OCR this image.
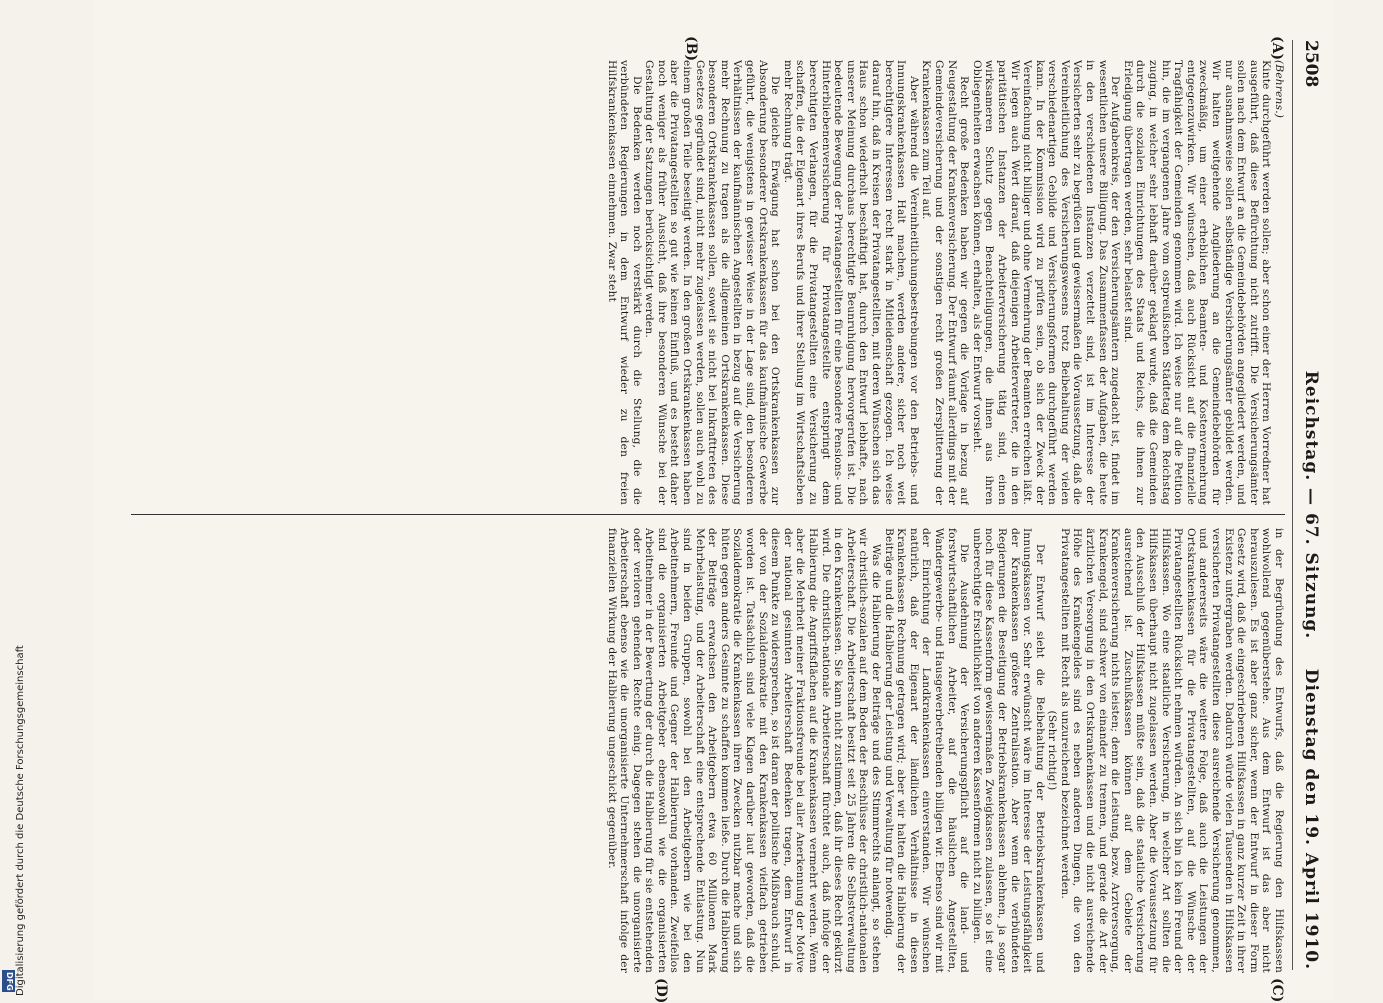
Digitalisierung gefördert durch die Deutsche Forschungsgemeinschaft
DFG
2508
Reichstag. — 67. Sitzung.
Dienstag den 19. April 1910.
(A)
(B)
(C)
(D)

(Behrens.)

Kinte durchgeführt werden sollen; aber schon einer der Herren Vorredner hat ausgeführt, daß diese Befürchtung nicht zutrifft. Die Versicherungsämter sollen nach dem Entwurf an die Gemeindebehörden angegliedert werden, und nur ausnahmsweise sollen selbständige Versicherungsämter gebildet werden. Wir halten weitgehende Angliederung an die Gemeindebehörden für zweckmäßig, um einer erheblichen Beamten- und Kostenvermehrung entgegenzuwirken. Wir wünschen, daß auch Rücksicht auf die finanzielle Tragfähigkeit der Gemeinden genommen wird. Ich weise nur auf die Petition hin, die im vergangenen Jahre vom ostpreußischen Städtetag dem Reichstag zuging, in welcher sehr lebhaft darüber geklagt wurde, daß die Gemeinden durch die sozialen Einrichtungen des Staats und Reichs, die ihnen zur Erledigung übertragen werden, sehr belastet sind.

Der Aufgabenkreis, der den Versicherungsämtern zugedacht ist, findet im wesentlichen unsere Billigung. Das Zusammenfassen der Aufgaben, die heute in den verschiedenen Instanzen verzettelt sind, ist im Interesse der Versicherten sehr zu begrüßen und gewissermaßen die Voraussetzung, daß die Vereinheitlichung des Versicherungswesens trotz Beibehaltung der vielen verschiedenartigen Gebilde und Versicherungsformen durchgeführt werden kann. In der Kommission wird zu prüfen sein, ob sich der Zweck der Vereinfachung nicht billiger und ohne Vermehrung der Beamten erreichen läßt. Wir legen auch Wert darauf, daß diejenigen Arbeitervertreter, die in den paritätischen Instanzen der Arbeiterversicherung tätig sind, einen wirksameren Schutz gegen Benachteiligungen, die ihnen aus ihren Obliegenheiten erwachsen können, erhalten, als der Entwurf vorsieht.

Recht große Bedenken haben wir gegen die Vorlage in bezug auf Neugestaltung der Krankenversicherung. Der Entwurf räumt allerdings mit der Gemeindeversicherung und der sonstigen recht großen Zersplitterung der Krankenkassen zum Teil auf.

Aber während die Vereinheitlichungsbestrebungen vor den Betriebs- und Innungskrankenkassen Halt machen, werden andere, sicher noch weit berechtigtere Interessen recht stark in Mitleidenschaft gezogen. Ich weise darauf hin, daß in Kreisen der Privatangestellten, mit deren Wünschen sich das Haus schon wiederholt beschäftigt hat, durch den Entwurf lebhafte, nach unserer Meinung durchaus berechtigte Beunruhigung hervorgerufen ist. Die bedeutende Bewegung der Privatangestellten für eine besondere Pensions- und Hinterbliebenenversicherung für Privatangestellte entspringt dem berechtigten Verlangen, für die Privatangestellten eine Versicherung zu schaffen, die der Eigenart ihres Berufs und ihrer Stellung im Wirtschaftsleben mehr Rechnung trägt.

Die gleiche Erwägung hat schon bei den Ortskrankenkassen zur Absonderung besonderer Ortskrankenkassen für das kaufmännische Gewerbe geführt, die wenigstens in gewisser Weise in der Lage sind, den besonderen Verhältnissen der kaufmännischen Angestellten in bezug auf die Versicherung mehr Rechnung zu tragen als die allgemeinen Ortskrankenkassen. Diese besonderen Ortskrankenkassen sollen, soweit sie nicht bei Inkrafttreten des Gesetzes gegründet sind, nicht mehr zugelassen werden, sollen auch wohl zu einem großen Teile beseitigt werden. In den großen Ortskrankenkassen haben aber die Privatangestellten so gut wie keinen Einfluß, und es besteht daher noch weniger als früher Aussicht, daß ihre besonderen Wünsche bei der Gestaltung der Satzungen berücksichtigt werden.

Die Bedenken werden noch verstärkt durch die Stellung, die die verbündeten Regierungen in dem Entwurf wieder zu den freien Hilfskrankenkassen einnehmen. Zwar steht

in der Begründung des Entwurfs, daß die Regierung den Hilfskassen wohlwollend gegenüberstehe. Aus dem Entwurf ist das aber nicht herauszulesen. Es ist aber ganz sicher, wenn der Entwurf in dieser Form Gesetz wird, daß die eingeschriebenen Hilfskassen in ganz kurzer Zeit in ihrer Existenz untergraben werden. Dadurch würde vielen Tausenden in Hilfskassen versicherten Privatangestellten diese ausreichende Versicherung genommen, und andererseits wäre die weitere Folge, daß auch die Leistungen der Ortskrankenkassen für die Privatangestellten, auf die Wünsche der Privatangestellten Rücksicht nehmen würden. An sich bin ich kein Freund der Hilfskassen. Wo eine staatliche Versicherung, in welcher Art sollten die Hilfskassen überhaupt nicht zugelassen werden. Aber die Voraussetzung für den Ausschluß der Hilfskassen müßte sein, daß die staatliche Versicherung ausreichend ist. Zuschußkassen können auf dem Gebiete der Krankenversicherung nichts leisten; denn die Leistung, bezw. Arztversorgung, Krankengeld, sind schwer von einander zu trennen, und gerade die Art der ärztlichen Versorgung in den Ortskrankenkassen und die nicht ausreichende Höhe des Krankengeldes sind es neben anderen Dingen, die von den Privatangestellten mit Recht als unzureichend bezeichnet werden.

(Sehr richtig!)

Der Entwurf sieht die Beibehaltung der Betriebskrankenkassen und Innungskassen vor. Sehr erwünscht wäre im Interesse der Leistungsfähigkeit der Krankenkassen größere Zentralisation. Aber wenn die verbündeten Regierungen die Beseitigung der Betriebskrankenkassen ablehnen, ja sogar noch für diese Kassenform gewissermaßen Zweigkassen zulassen, so ist eine unberechtigte Ersichtlichkeit von anderen Kassenformen nicht zu billigen.

Die Ausdehnung der Versicherungspflicht auf die land- und forstwirtschaftlichen Arbeiter, auf die häuslichen Angestellten, Wandergewerbe- und Hausgewerbetreibenden billigen wir. Ebenso sind wir mit der Einrichtung der Landkrankenkassen einverstanden. Wir wünschen natürlich, daß der Eigenart der ländlichen Verhältnisse in diesen Krankenkassen Rechnung getragen wird; aber wir halten die Halbierung der Beiträge und die Halbierung der Leistung und Verwaltung für notwendig.

Was die Halbierung der Beiträge und des Stimmrechts anlangt, so stehen wir christlich-sozialen auf dem Boden der Beschlüsse der christlich-nationalen Arbeiterschaft. Die Arbeiterschaft besitzt seit 25 Jahren die Selbstverwaltung in den Krankenkassen. Sie kann nicht zustimmen, daß ihr dieses Recht gekürzt wird. Die christlich-nationale Arbeiterschaft fürchtet auch, daß infolge der Halbierung die Angriffsflächen auf die Krankenkassen vermehrt werden. Wenn aber die Mehrheit meiner Fraktionsfreunde bei aller Anerkennung der Motive der national gesinnten Arbeiterschaft Bedenken tragen, dem Entwurf in diesem Punkte zu widersprechen, so ist daran der politische Mißbrauch schuld, der von der Sozialdemokratie mit den Krankenkassen vielfach getrieben worden ist. Tatsächlich sind viele Klagen darüber laut geworden, daß die Sozialdemokratie die Krankenkassen ihren Zwecken nutzbar mache und sich hüten gegen anders Gesinnte zu schaffen kommen ließe. Durch die Halbierung der Beiträge erwachsen den Arbeitgebern etwa 60 Millionen Mark Mehrbelastung, und der Arbeiterschaft eine entsprechende Entlastung. Nun sind in beiden Gruppen, sowohl bei den Arbeitgebern wie bei den Arbeitnehmern, Freunde und Gegner der Halbierung vorhanden. Zweifellos sind die organisierten Arbeitgeber ebensowohl wie die organisierten Arbeitnehmer in der Bewertung der durch die Halbierung für sie entstehenden oder verloren gehenden Rechte einig. Dagegen stehen die unorganisierte Arbeiterschaft ebenso wie die unorganisierte Unternehmerschaft infolge der finanziellen Wirkung der Halbierung ungeschickt gegenüber.
